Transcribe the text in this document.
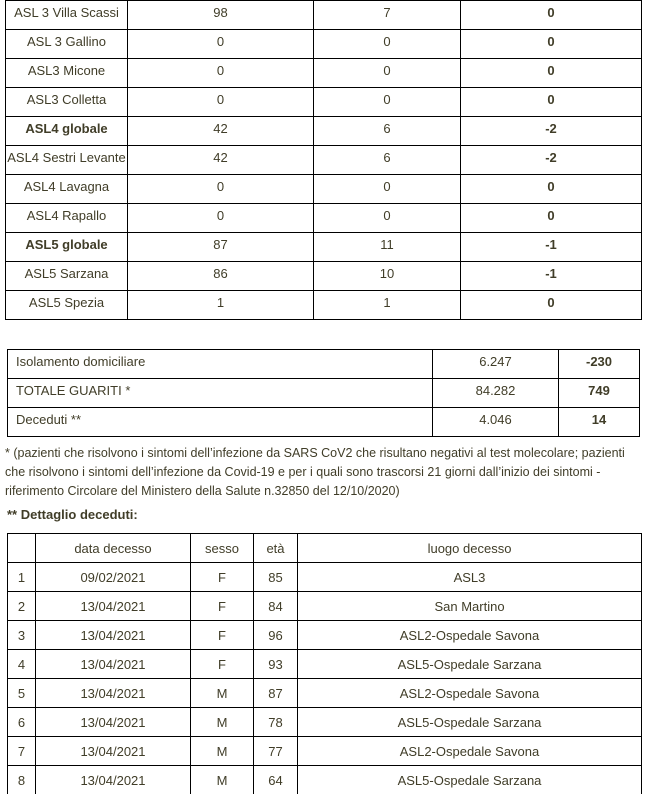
ASL 3 Villa Scassi	98	7	0
ASL 3 Gallino	0	0	0
ASL3 Micone	0	0	0
ASL3 Colletta	0	0	0
ASL4 globale	42	6	-2
ASL4 Sestri Levante	42	6	-2
ASL4 Lavagna	0	0	0
ASL4 Rapallo	0	0	0
ASL5 globale	87	11	-1
ASL5 Sarzana	86	10	-1
ASL5 Spezia	1	1	0
Isolamento domiciliare	6.247	-230
TOTALE GUARITI *	84.282	749
Deceduti **	4.046	14
* (pazienti che risolvono i sintomi dell’infezione da SARS CoV2 che risultano negativi al test molecolare; pazienti
che risolvono i sintomi dell’infezione da Covid-19 e per i quali sono trascorsi 21 giorni dall’inizio dei sintomi -
riferimento Circolare del Ministero della Salute n.32850 del 12/10/2020)

** Dettaglio deceduti:

	data decesso	sesso	età	luogo decesso
1	09/02/2021	F	85	ASL3
2	13/04/2021	F	84	San Martino
3	13/04/2021	F	96	ASL2-Ospedale Savona
4	13/04/2021	F	93	ASL5-Ospedale Sarzana
5	13/04/2021	M	87	ASL2-Ospedale Savona
6	13/04/2021	M	78	ASL5-Ospedale Sarzana
7	13/04/2021	M	77	ASL2-Ospedale Savona
8	13/04/2021	M	64	ASL5-Ospedale Sarzana
